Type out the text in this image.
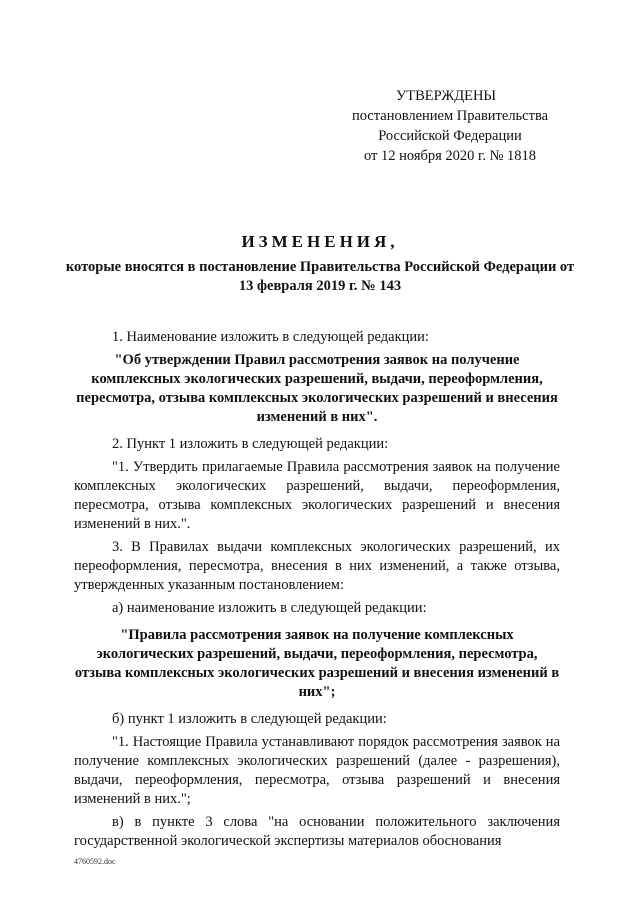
УТВЕРЖДЕНЫ
постановлением Правительства
Российской Федерации
от 12 ноября 2020 г. № 1818
ИЗМЕНЕНИЯ,
которые вносятся в постановление Правительства Российской Федерации от 13 февраля 2019 г. № 143

1. Наименование изложить в следующей редакции:

"Об утверждении Правил рассмотрения заявок на получение комплексных экологических разрешений, выдачи, переоформления, пересмотра, отзыва комплексных экологических разрешений и внесения изменений в них".

2. Пункт 1 изложить в следующей редакции:

"1. Утвердить прилагаемые Правила рассмотрения заявок на получение комплексных экологических разрешений, выдачи, переоформления, пересмотра, отзыва комплексных экологических разрешений и внесения изменений в них.".

3. В Правилах выдачи комплексных экологических разрешений, их переоформления, пересмотра, внесения в них изменений, а также отзыва, утвержденных указанным постановлением:

а) наименование изложить в следующей редакции:

"Правила рассмотрения заявок на получение комплексных экологических разрешений, выдачи, переоформления, пересмотра, отзыва комплексных экологических разрешений и внесения изменений в них";

б) пункт 1 изложить в следующей редакции:

"1. Настоящие Правила устанавливают порядок рассмотрения заявок на получение комплексных экологических разрешений (далее - разрешения), выдачи, переоформления, пересмотра, отзыва разрешений и внесения изменений в них.";

в) в пункте 3 слова "на основании положительного заключения государственной экологической экспертизы материалов обоснования

4760592.doc
